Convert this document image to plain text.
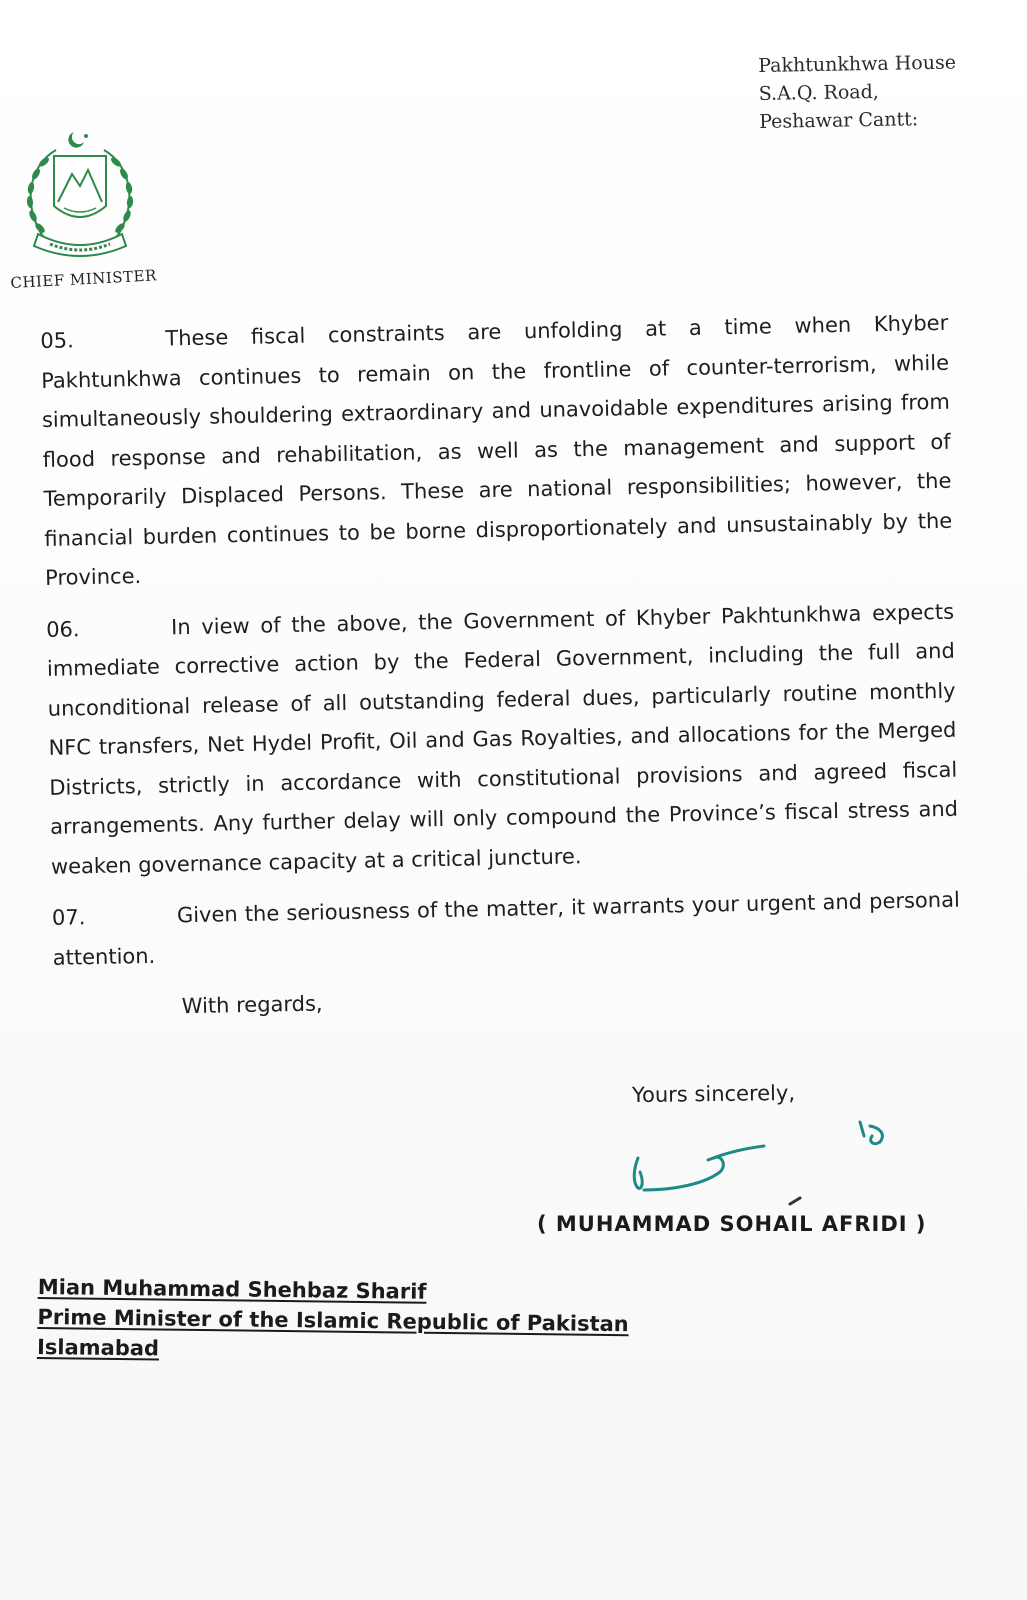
Pakhtunkhwa House
S.A.Q. Road,
Peshawar Cantt:
CHIEF MINISTER

05.	These fiscal constraints are unfolding at a time when Khyber Pakhtunkhwa continues to remain on the frontline of counter-terrorism, while simultaneously shouldering extraordinary and unavoidable expenditures arising from flood response and rehabilitation, as well as the management and support of Temporarily Displaced Persons. These are national responsibilities; however, the financial burden continues to be borne disproportionately and unsustainably by the Province.

06.	In view of the above, the Government of Khyber Pakhtunkhwa expects immediate corrective action by the Federal Government, including the full and unconditional release of all outstanding federal dues, particularly routine monthly NFC transfers, Net Hydel Profit, Oil and Gas Royalties, and allocations for the Merged Districts, strictly in accordance with constitutional provisions and agreed fiscal arrangements. Any further delay will only compound the Province’s fiscal stress and weaken governance capacity at a critical juncture.

07.	Given the seriousness of the matter, it warrants your urgent and personal attention.

With regards,
Yours sincerely,
( MUHAMMAD SOHAIL AFRIDI )
Mian Muhammad Shehbaz Sharif
Prime Minister of the Islamic Republic of Pakistan
Islamabad
